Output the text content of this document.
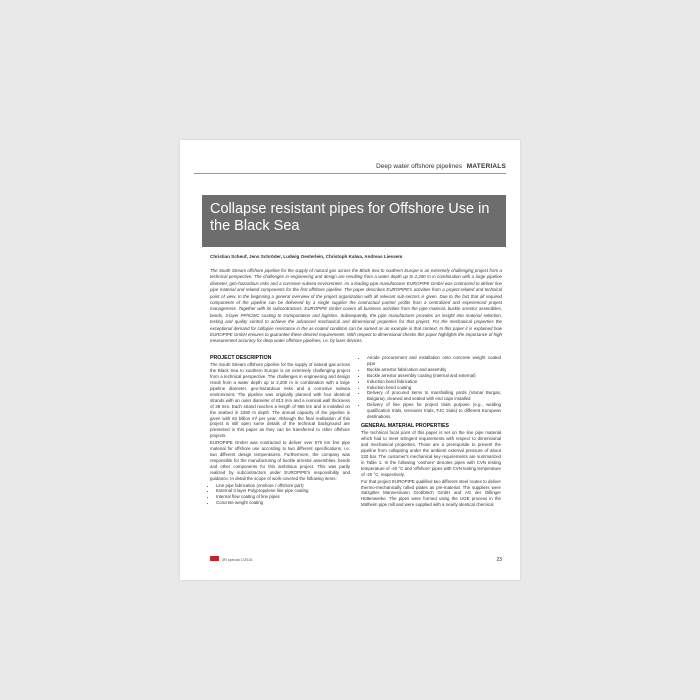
Deep water offshore pipelines MATERIALS
Collapse resistant pipes for Offshore Use in the Black Sea
Christian Scheuf, Jens Schröder, Ludwig Oesterlein, Christoph Kalwa, Andreas Liessem
The South Stream offshore pipeline for the supply of natural gas across the Black Sea to southern Europe is an extremely challenging project from a technical perspective. The challenges in engineering and design are resulting from a water depth up to 2,200 m in combination with a large pipeline diameter, geo-hazardous risks and a corrosive subsea environment. As a leading pipe manufacturer EUROPIPE GmbH was contracted to deliver line pipe material and related components for the first offshore pipeline. The paper describes EUROPIPE's activities from a project-related and technical point of view. In the beginning a general overview of the project organization with all relevant sub-sectors is given. Due to the fact that all required components of the pipeline can be delivered by a single supplier the contractual partner profits from a centralized and experienced project management. Together with its subcontractors, EUROPIPE GmbH covers all business activities from the pipe material, buckle arrestor assemblies, bends, 3-layer PP/ICWC coating to transportation and logistics. Subsequently, the pipe manufacturer provides an insight into material selection, testing and quality control to achieve the advanced mechanical and dimensional properties for that project. For the mechanical properties the exceptional demand for collapse resistance in the as-coated condition can be named as an example in that context. In this paper it is explained how EUROPIPE GmbH ensures to guarantee these desired requirements. With respect to dimensional checks this paper highlights the importance of high measurement accuracy for deep water offshore pipelines, i.e. by laser devices.
PROJECT DESCRIPTION

The South Stream offshore pipeline for the supply of natural gas across the Black Sea to southern Europe is an extremely challenging project from a technical perspective. The challenges in engineering and design result from a water depth up to 2,200 m in combination with a large pipeline diameter, geo-hazardous risks and a corrosive subsea environment. The pipeline was originally planned with four identical strands with an outer diameter of 813 mm and a nominal wall thickness of 39 mm. Each strand reaches a length of 966 km and is installed on the seabed in 2250 m depth. The annual capacity of the pipeline is given with 63 billion m³ per year. Although the final realisation of this project is still open some details of the technical background are presented in this paper as they can be transferred to other offshore projects.

EUROPIPE GmbH was contracted to deliver over 570 km line pipe material for offshore use according to two different specifications, i.e. two different design temperatures. Furthermore, the company was responsible for the manufacturing of buckle arrestor assemblies, bends and other components for this ambitious project. This was partly realized by subcontractors under EUROPIPE's responsibility and guidance. In detail the scope of work covered the following items:

• Line pipe fabrication (onshore / offshore part)
• External 3 layer Polypropylene line pipe coating
• Internal flow coating of line pipes
• Concrete weight coating
• Anode procurement and installation onto concrete weight coated pipe
• Buckle arrestor fabrication and assembly
• Buckle arrestor assembly coating (internal and external)
• Induction bend fabrication
• Induction bend coating
• Delivery of procured items to marshalling yards (Varna/ Burgas, Bulgaria), cleaned and sealed with end caps installed
• Delivery of line pipes for project trials purpose (e.g., welding qualification trials, tensioner trials, FJC trials) to different European destinations
GENERAL MATERIAL PROPERTIES

The technical focal point of this paper is set on the line pipe material which had to meet stringent requirements with respect to dimensional and mechanical properties. Those are a prerequisite to prevent the pipeline from collapsing under the ambient external pressure of about 220 bar. The customer's mechanical key requirements are summarized in Table 1. In the following 'onshore' denotes pipes with CVN testing temperature of -40 °C and 'offshore' pipes with CVN testing temperature of -20 °C, respectively.

For that project EUROPIPE qualified two different steel routes to deliver thermo-mechanically rolled plates as pre-material. The suppliers were Salzgitter Mannesmann Grobblech GmbH and AG der Dillinger Hüttenwerke. The pipes were formed using the UOE process in the Mülheim pipe mill and were supplied with a nearly identical chemical

3R special 1/2016	23
